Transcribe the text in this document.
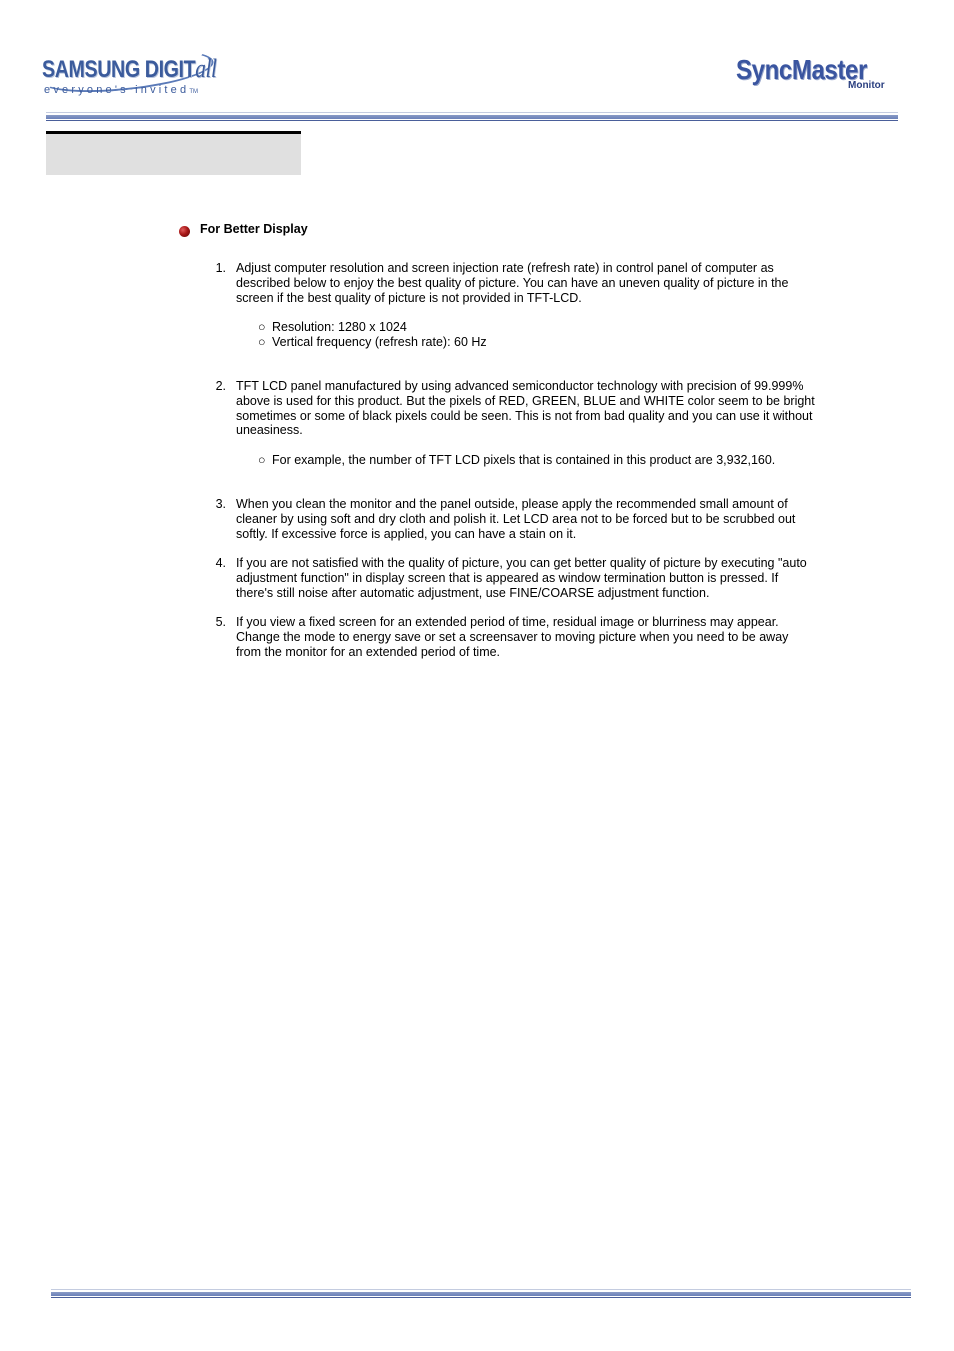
SAMSUNG DIGITall
everyone's invitedTM
SyncMaster
Monitor
For Better Display
1. Adjust computer resolution and screen injection rate (refresh rate) in control panel of computer as described below to enjoy the best quality of picture. You can have an uneven quality of picture in the screen if the best quality of picture is not provided in TFT-LCD.
○ Resolution: 1280 x 1024
○ Vertical frequency (refresh rate): 60 Hz
2. TFT LCD panel manufactured by using advanced semiconductor technology with precision of 99.999% above is used for this product. But the pixels of RED, GREEN, BLUE and WHITE color seem to be bright sometimes or some of black pixels could be seen. This is not from bad quality and you can use it without uneasiness.
○ For example, the number of TFT LCD pixels that is contained in this product are 3,932,160.
3. When you clean the monitor and the panel outside, please apply the recommended small amount of cleaner by using soft and dry cloth and polish it. Let LCD area not to be forced but to be scrubbed out softly. If excessive force is applied, you can have a stain on it.
4. If you are not satisfied with the quality of picture, you can get better quality of picture by executing "auto adjustment function" in display screen that is appeared as window termination button is pressed. If there's still noise after automatic adjustment, use FINE/COARSE adjustment function.
5. If you view a fixed screen for an extended period of time, residual image or blurriness may appear. Change the mode to energy save or set a screensaver to moving picture when you need to be away from the monitor for an extended period of time.
